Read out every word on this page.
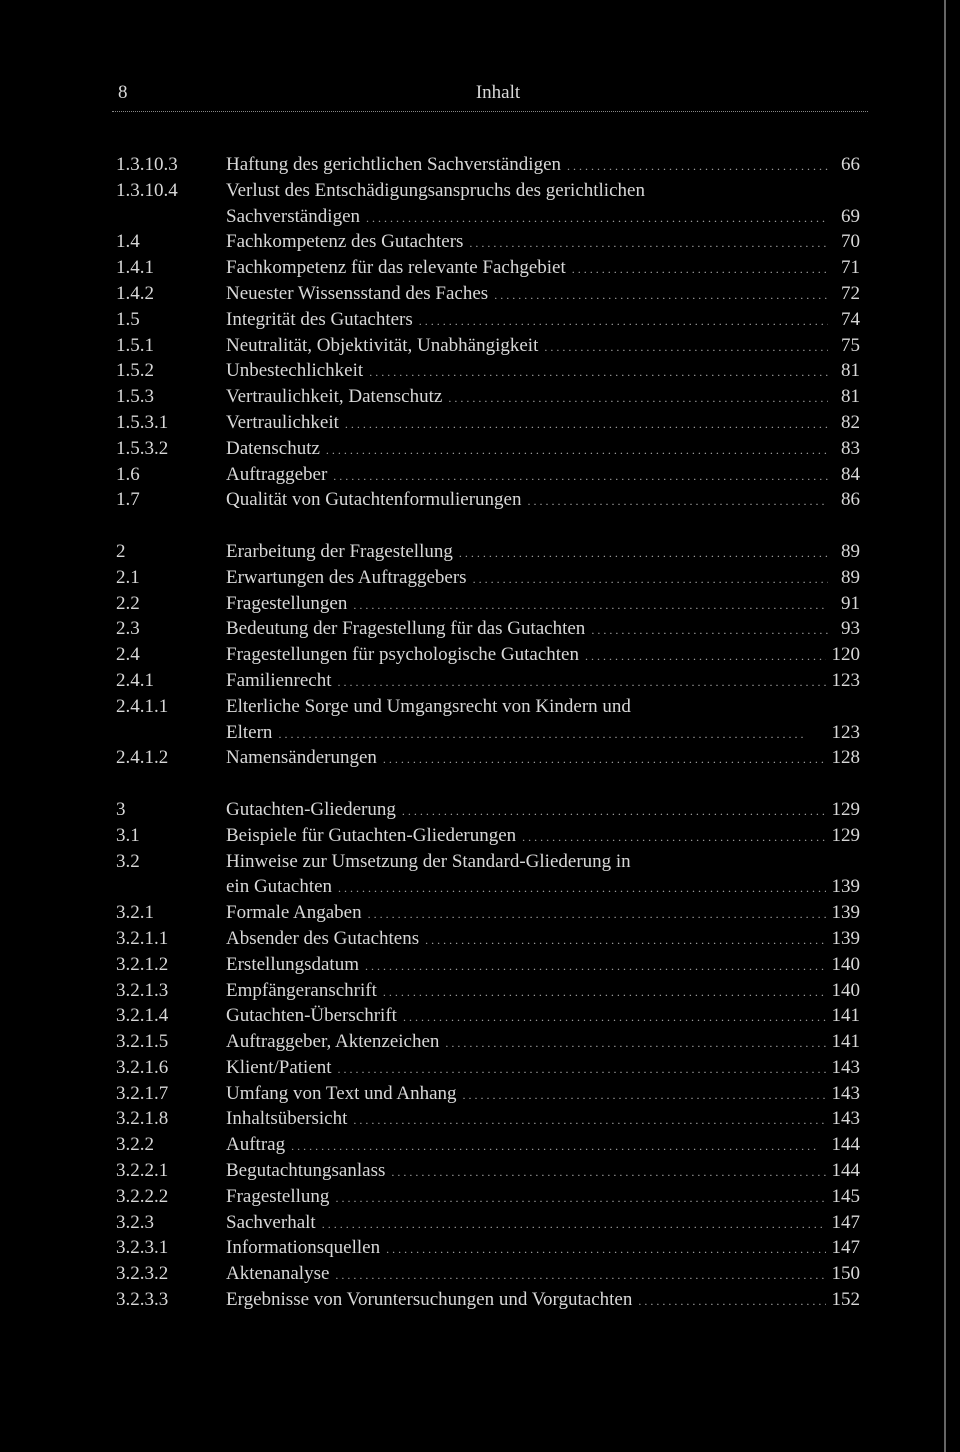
8	Inhalt
1.3.10.3	Haftung des gerichtlichen Sachverständigen . . .	66
1.3.10.4	Verlust des Entschädigungsanspruchs des gerichtlichen
Sachverständigen . . .	69
1.4	Fachkompetenz des Gutachters . . .	70
1.4.1	Fachkompetenz für das relevante Fachgebiet . . .	71
1.4.2	Neuester Wissensstand des Faches . . .	72
1.5	Integrität des Gutachters . . .	74
1.5.1	Neutralität, Objektivität, Unabhängigkeit . . .	75
1.5.2	Unbestechlichkeit . . .	81
1.5.3	Vertraulichkeit, Datenschutz . . .	81
1.5.3.1	Vertraulichkeit . . .	82
1.5.3.2	Datenschutz . . .	83
1.6	Auftraggeber . . .	84
1.7	Qualität von Gutachtenformulierungen . . .	86
2	Erarbeitung der Fragestellung . . .	89
2.1	Erwartungen des Auftraggebers . . .	89
2.2	Fragestellungen . . .	91
2.3	Bedeutung der Fragestellung für das Gutachten . . .	93
2.4	Fragestellungen für psychologische Gutachten . . .	120
2.4.1	Familienrecht . . .	123
2.4.1.1	Elterliche Sorge und Umgangsrecht von Kindern und
Eltern . . .	123
2.4.1.2	Namensänderungen . . .	128
3	Gutachten-Gliederung . . .	129
3.1	Beispiele für Gutachten-Gliederungen . . .	129
3.2	Hinweise zur Umsetzung der Standard-Gliederung in
ein Gutachten . . .	139
3.2.1	Formale Angaben . . .	139
3.2.1.1	Absender des Gutachtens . . .	139
3.2.1.2	Erstellungsdatum . . .	140
3.2.1.3	Empfängeranschrift . . .	140
3.2.1.4	Gutachten-Überschrift . . .	141
3.2.1.5	Auftraggeber, Aktenzeichen . . .	141
3.2.1.6	Klient/Patient . . .	143
3.2.1.7	Umfang von Text und Anhang . . .	143
3.2.1.8	Inhaltsübersicht . . .	143
3.2.2	Auftrag . . .	144
3.2.2.1	Begutachtungsanlass . . .	144
3.2.2.2	Fragestellung . . .	145
3.2.3	Sachverhalt . . .	147
3.2.3.1	Informationsquellen . . .	147
3.2.3.2	Aktenanalyse . . .	150
3.2.3.3	Ergebnisse von Voruntersuchungen und Vorgutachten . . .	152
